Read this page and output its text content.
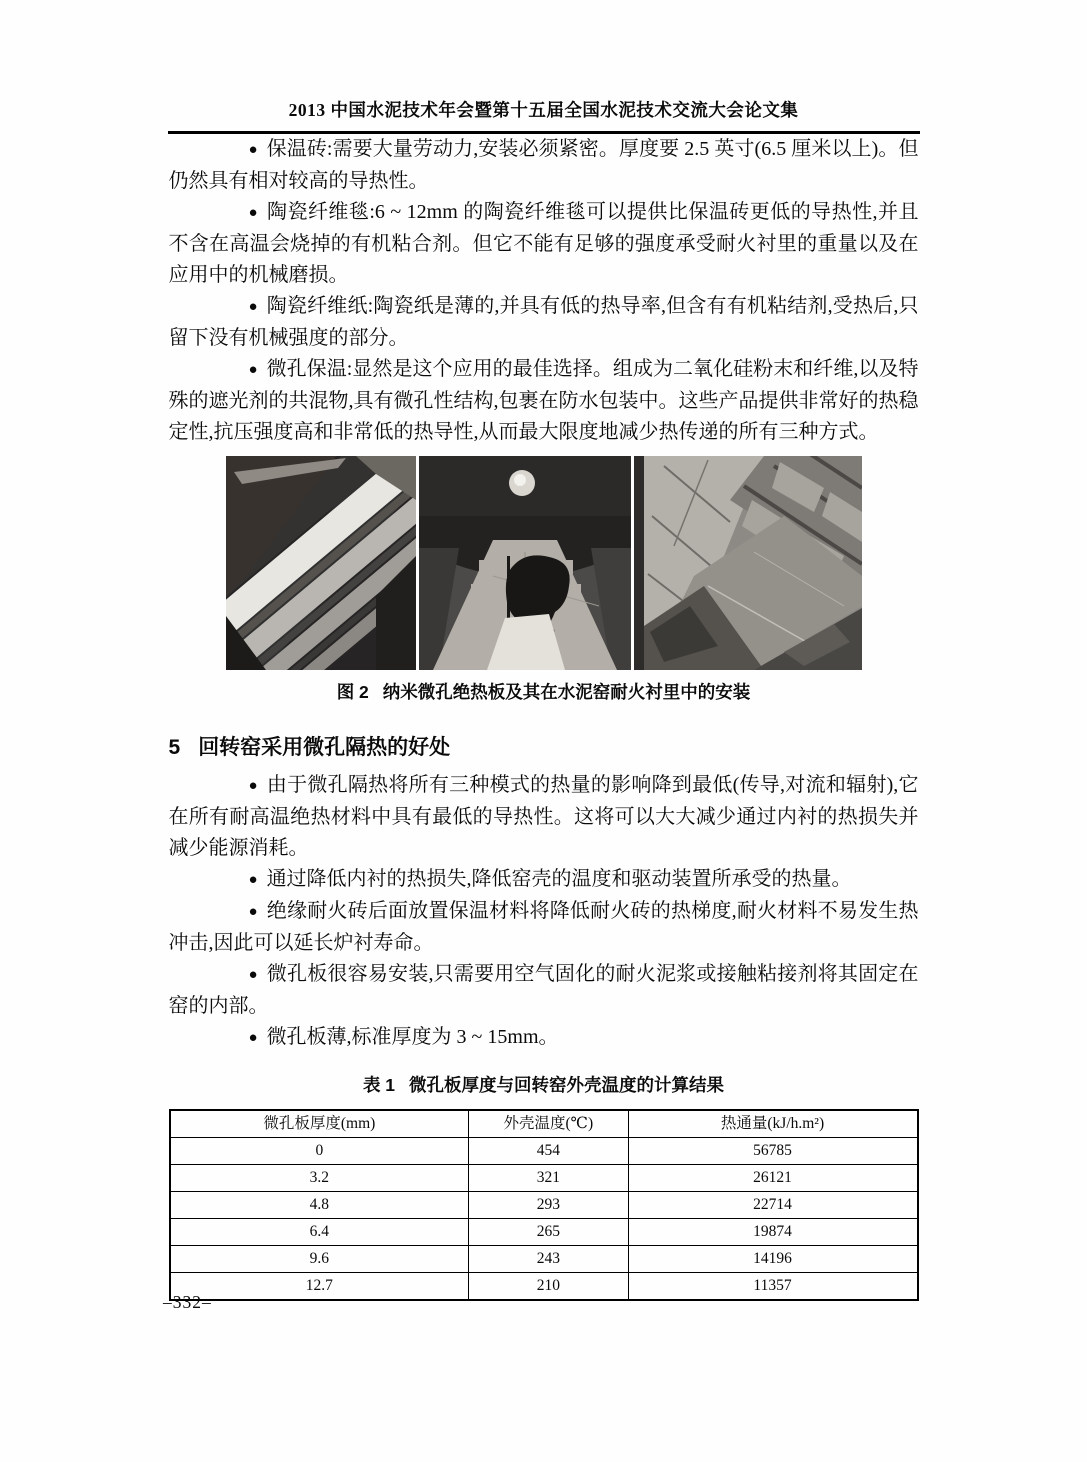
2013 中国水泥技术年会暨第十五届全国水泥技术交流大会论文集

● 保温砖:需要大量劳动力,安装必须紧密。厚度要 2.5 英寸(6.5 厘米以上)。但仍然具有相对较高的导热性。

● 陶瓷纤维毯:6 ~ 12mm 的陶瓷纤维毯可以提供比保温砖更低的导热性,并且不含在高温会烧掉的有机粘合剂。但它不能有足够的强度承受耐火衬里的重量以及在应用中的机械磨损。

● 陶瓷纤维纸:陶瓷纸是薄的,并具有低的热导率,但含有有机粘结剂,受热后,只留下没有机械强度的部分。

● 微孔保温:显然是这个应用的最佳选择。组成为二氧化硅粉末和纤维,以及特殊的遮光剂的共混物,具有微孔性结构,包裹在防水包装中。这些产品提供非常好的热稳定性,抗压强度高和非常低的热导性,从而最大限度地减少热传递的所有三种方式。

图 2 纳米微孔绝热板及其在水泥窑耐火衬里中的安装
5 回转窑采用微孔隔热的好处

● 由于微孔隔热将所有三种模式的热量的影响降到最低(传导,对流和辐射),它在所有耐高温绝热材料中具有最低的导热性。这将可以大大减少通过内衬的热损失并减少能源消耗。

● 通过降低内衬的热损失,降低窑壳的温度和驱动装置所承受的热量。

● 绝缘耐火砖后面放置保温材料将降低耐火砖的热梯度,耐火材料不易发生热冲击,因此可以延长炉衬寿命。

● 微孔板很容易安装,只需要用空气固化的耐火泥浆或接触粘接剂将其固定在窑的内部。

● 微孔板薄,标准厚度为 3 ~ 15mm。

表 1 微孔板厚度与回转窑外壳温度的计算结果
微孔板厚度(mm)	外壳温度(℃)	热通量(kJ/h.m²)
0	454	56785
3.2	321	26121
4.8	293	22714
6.4	265	19874
9.6	243	14196
12.7	210	11357
–332–
